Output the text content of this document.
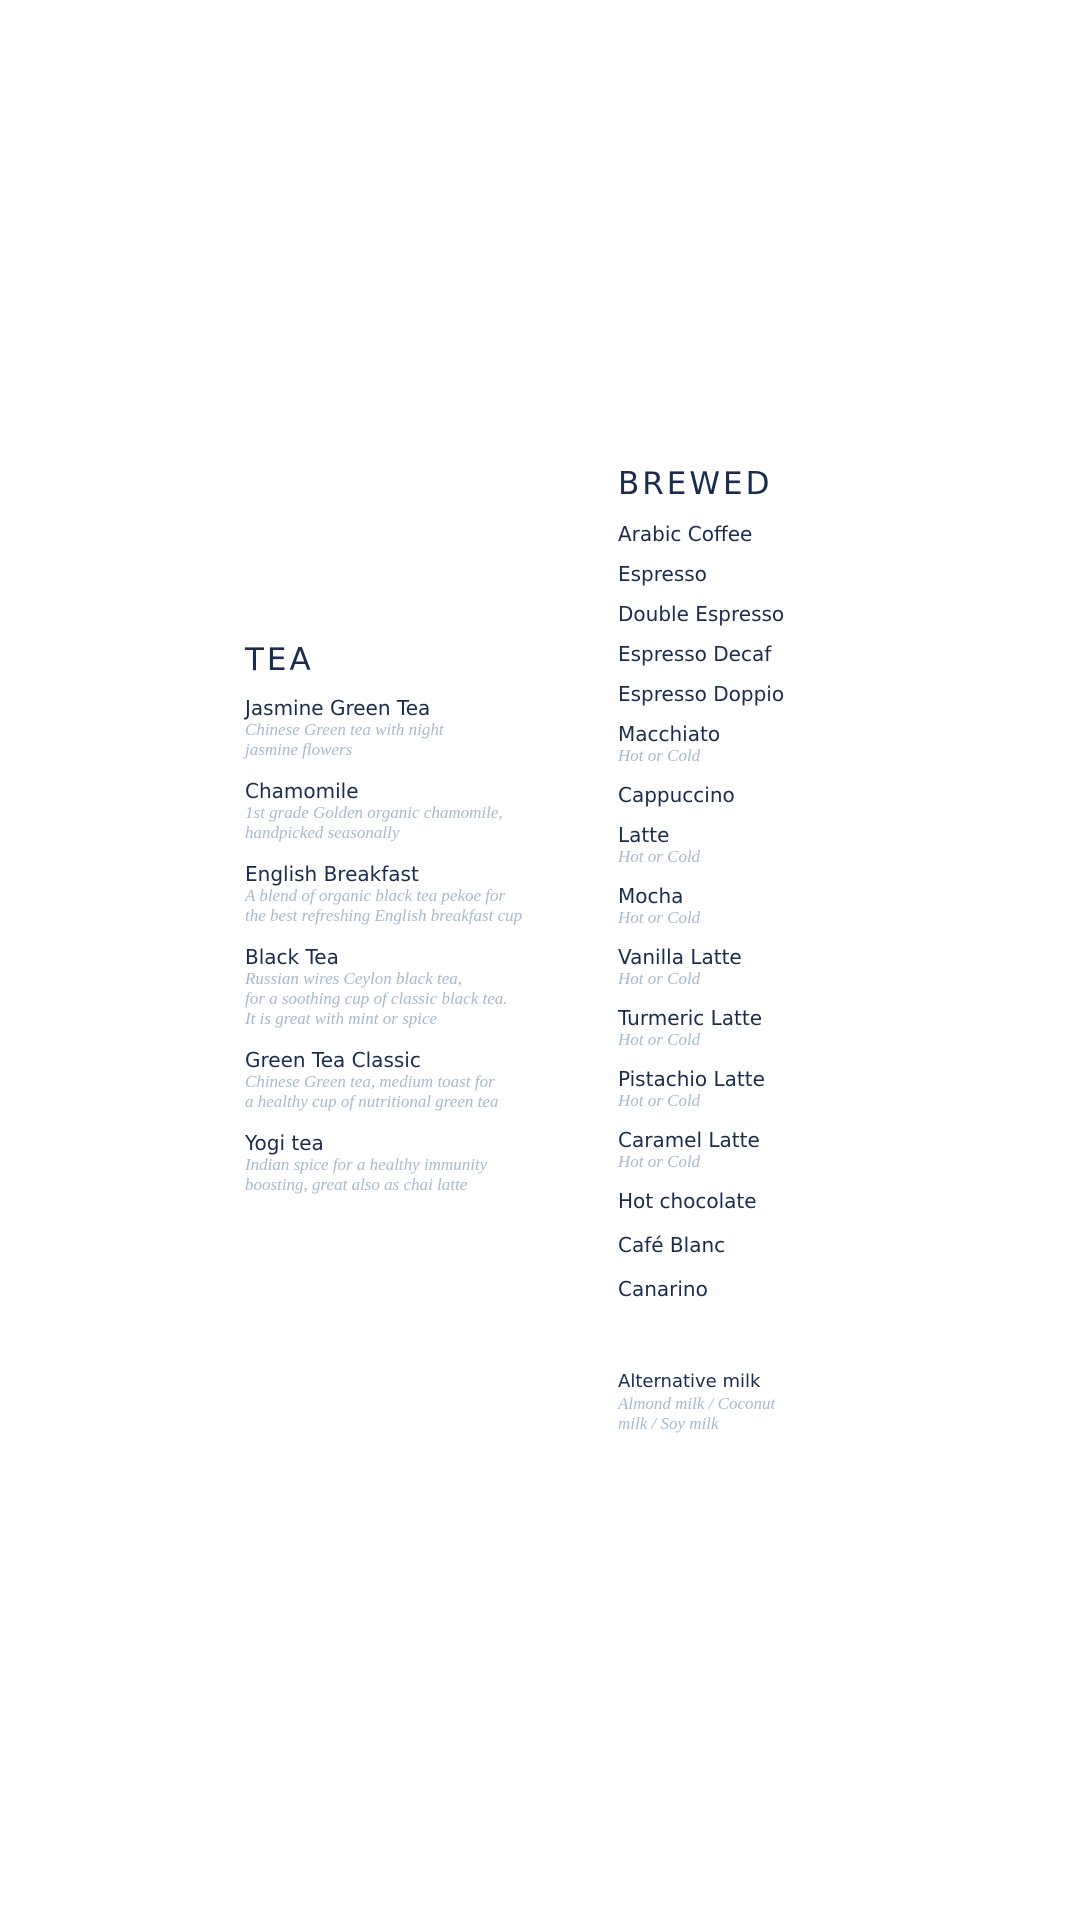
TEA
Jasmine Green Tea
Chinese Green tea with night
jasmine flowers
Chamomile
1st grade Golden organic chamomile,
handpicked seasonally
English Breakfast
A blend of organic black tea pekoe for
the best refreshing English breakfast cup
Black Tea
Russian wires Ceylon black tea,
for a soothing cup of classic black tea.
It is great with mint or spice
Green Tea Classic
Chinese Green tea, medium toast for
a healthy cup of nutritional green tea
Yogi tea
Indian spice for a healthy immunity
boosting, great also as chai latte
BREWED
Arabic Coffee
Espresso
Double Espresso
Espresso Decaf
Espresso Doppio
Macchiato
Hot or Cold
Cappuccino
Latte
Hot or Cold
Mocha
Hot or Cold
Vanilla Latte
Hot or Cold
Turmeric Latte
Hot or Cold
Pistachio Latte
Hot or Cold
Caramel Latte
Hot or Cold
Hot chocolate
Café Blanc
Canarino
Alternative milk
Almond milk / Coconut
milk / Soy milk
